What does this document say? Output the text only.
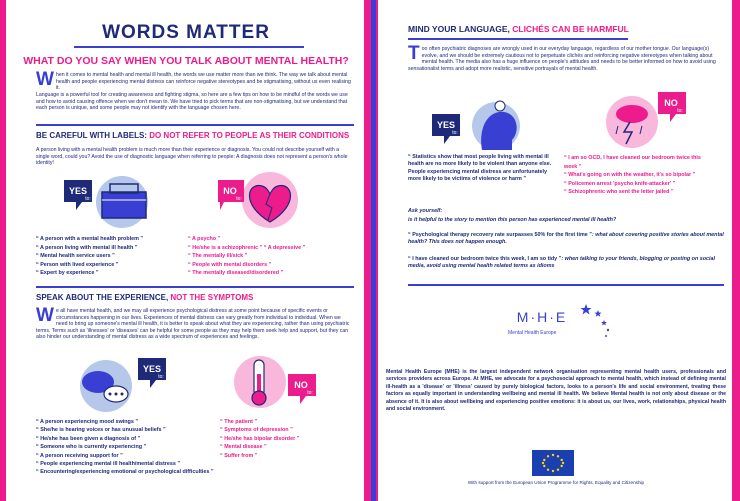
WORDS MATTER
WHAT DO YOU SAY WHEN YOU TALK ABOUT MENTAL HEALTH?
When it comes to mental health and mental ill health, the words we use matter more than we think. The way we talk about mental health and people experiencing mental distress can reinforce negative stereotypes and be stigmatising, without us even realising it.
Language is a powerful tool for creating awareness and fighting stigma, so here are a few tips on how to be mindful of the words we use and how to avoid causing offence when we don't mean to. We have tried to pick terms that are non-stigmatising, but we understand that each person is unique, and some people may not identify with the language chosen here.
BE CAREFUL WITH LABELS: DO NOT REFER TO PEOPLE AS THEIR CONDITIONS
A person living with a mental health problem is much more than their experience or diagnosis. You could not describe yourself with a single word, could you? Avoid the use of diagnostic language when referring to people: A diagnosis does not represent a person's whole identity!
YES
to:
NO
to:
“ A person with a mental health problem ”
“ A person living with mental ill health ”
“ Mental health service users ”
“ Person with lived experience ”
“ Expert by experience ”
“ A psycho ”
“ He/she is a schizophrenic ” “ A depressive ”
“ The mentally ill/sick ”
“ People with mental disorders ”
“ The mentally diseased/disordered ”
SPEAK ABOUT THE EXPERIENCE, NOT THE SYMPTOMS
We all have mental health, and we may all experience psychological distress at some point because of specific events or circumstances happening in our lives. Experiences of mental distress can vary greatly from individual to individual. When we need to bring up someone's mental ill health, it is better to speak about what they are experiencing, rather than using psychiatric terms. Terms such as 'illnesses' or 'diseases' can be helpful for some people as they may help them seek help and support, but they can also hinder our understanding of mental distress as a wide spectrum of experiences and feelings.
YES
to:
NO
to:
“ A person experiencing mood swings ”
“ She/he is hearing voices or has unusual beliefs ”
“ He/she has been given a diagnosis of ”
“ Someone who is currently experiencing ”
“ A person receiving support for ”
“ People experiencing mental ill health/mental distress ”
“ Encountering/experiencing emotional or psychological difficulties ”
“ The patient ”
“ Symptoms of depression ”
“ He/she has bipolar disorder ”
“ Mental disease ”
“ Suffer from ”
MIND YOUR LANGUAGE, CLICHÉS CAN BE HARMFUL
Too often psychiatric diagnoses are wrongly used in our everyday language, regardless of our mother tongue. Our language(s) evolve, and we should be extremely cautious not to perpetuate clichés and reinforcing negative stereotypes when talking about mental health. The media also has a huge influence on people's attitudes and needs to be better informed on how to avoid using sensationalist terms and adopt more realistic, sensitive portrayals of mental health.
YES
to:
NO
to:
“ Statistics show that most people living with mental ill health are no more likely to be violent than anyone else. People experiencing mental distress are unfortunately more likely to be victims of violence or harm ”
“ I am so OCD, I have cleaned our bedroom twice this week ”
“ What's going on with the weather, it's so bipolar ”
“ Policemen arrest 'psycho knife-attacker' ”
“ Schizophrenic who sent the letter jailed ”
Ask yourself:
is it helpful to the story to mention this person has experienced mental ill health?
“ Psychological therapy recovery rate surpasses 50% for the first time ”: what about covering positive stories about mental health? This does not happen enough.
“ I have cleaned our bedroom twice this week, I am so tidy ”: when talking to your friends, blogging or posting on social media, avoid using mental health related terms as idioms
M·H·E
Mental Health Europe
Mental Health Europe (MHE) is the largest independent network organisation representing mental health users, professionals and services providers across Europe. At MHE, we advocate for a psychosocial approach to mental health, which instead of defining mental ill-health as a 'disease' or 'illness' caused by purely biological factors, looks to a person's life and social environment, treating these factors as equally important in understanding wellbeing and mental ill health. We believe Mental health is not only about disease or the absence of it. It is also about wellbeing and experiencing positive emotions: it is about us, our lives, work, relationships, physical health and social environment.
With support from the European Union Programme for Rights, Equality and Citizenship
